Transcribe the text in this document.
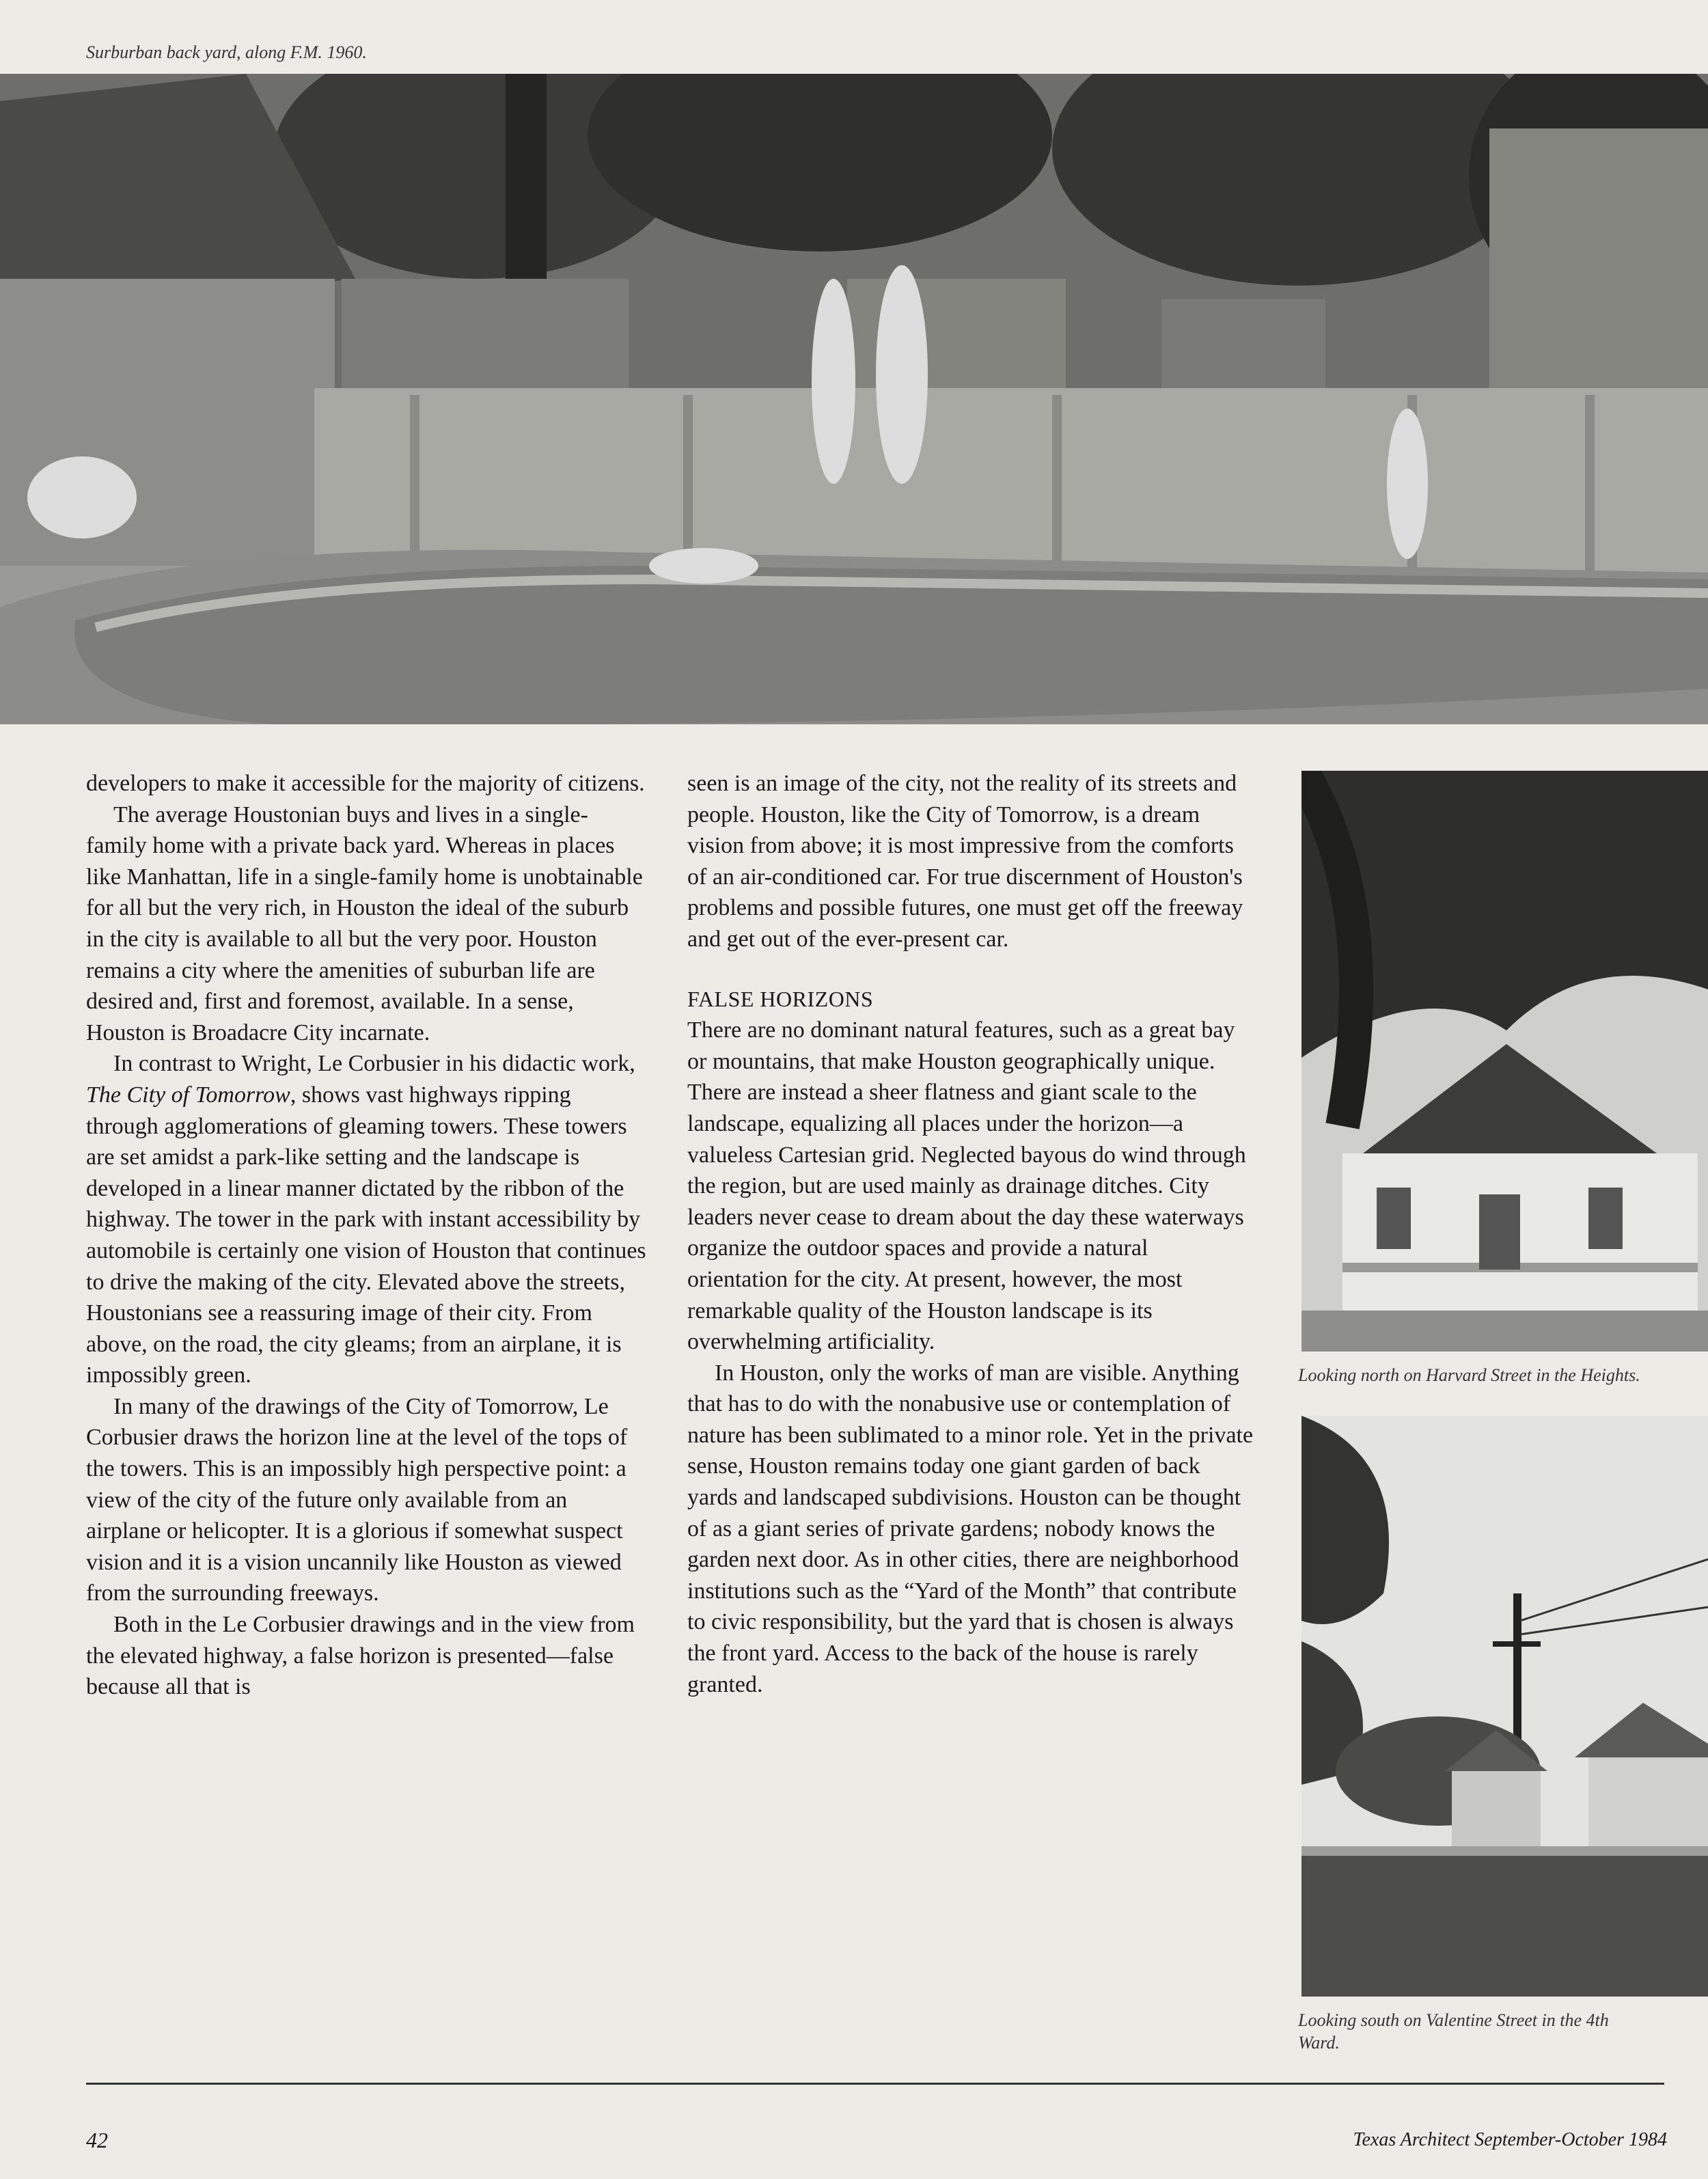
Surburban back yard, along F.M. 1960.

developers to make it accessible for the majority of citizens.

The average Houstonian buys and lives in a single-family home with a private back yard. Whereas in places like Manhattan, life in a single-family home is unobtainable for all but the very rich, in Houston the ideal of the suburb in the city is available to all but the very poor. Houston remains a city where the amenities of suburban life are desired and, first and foremost, available. In a sense, Houston is Broadacre City incarnate.

In contrast to Wright, Le Corbusier in his didactic work, The City of Tomorrow, shows vast highways ripping through agglomerations of gleaming towers. These towers are set amidst a park-like setting and the landscape is developed in a linear manner dictated by the ribbon of the highway. The tower in the park with instant accessibility by automobile is certainly one vision of Houston that continues to drive the making of the city. Elevated above the streets, Houstonians see a reassuring image of their city. From above, on the road, the city gleams; from an airplane, it is impossibly green.

In many of the drawings of the City of Tomorrow, Le Corbusier draws the horizon line at the level of the tops of the towers. This is an impossibly high perspective point: a view of the city of the future only available from an airplane or helicopter. It is a glorious if somewhat suspect vision and it is a vision uncannily like Houston as viewed from the surrounding freeways.

Both in the Le Corbusier drawings and in the view from the elevated highway, a false horizon is presented—false because all that is

seen is an image of the city, not the reality of its streets and people. Houston, like the City of Tomorrow, is a dream vision from above; it is most impressive from the comforts of an air-conditioned car. For true discernment of Houston's problems and possible futures, one must get off the freeway and get out of the ever-present car.

FALSE HORIZONS

There are no dominant natural features, such as a great bay or mountains, that make Houston geographically unique. There are instead a sheer flatness and giant scale to the landscape, equalizing all places under the horizon—a valueless Cartesian grid. Neglected bayous do wind through the region, but are used mainly as drainage ditches. City leaders never cease to dream about the day these waterways organize the outdoor spaces and provide a natural orientation for the city. At present, however, the most remarkable quality of the Houston landscape is its overwhelming artificiality.

In Houston, only the works of man are visible. Anything that has to do with the nonabusive use or contemplation of nature has been sublimated to a minor role. Yet in the private sense, Houston remains today one giant garden of back yards and landscaped subdivisions. Houston can be thought of as a giant series of private gardens; nobody knows the garden next door. As in other cities, there are neighborhood institutions such as the “Yard of the Month” that contribute to civic responsibility, but the yard that is chosen is always the front yard. Access to the back of the house is rarely granted.

Looking north on Harvard Street in the Heights.

Looking south on Valentine Street in the 4th Ward.

42	Texas Architect September-October 1984
